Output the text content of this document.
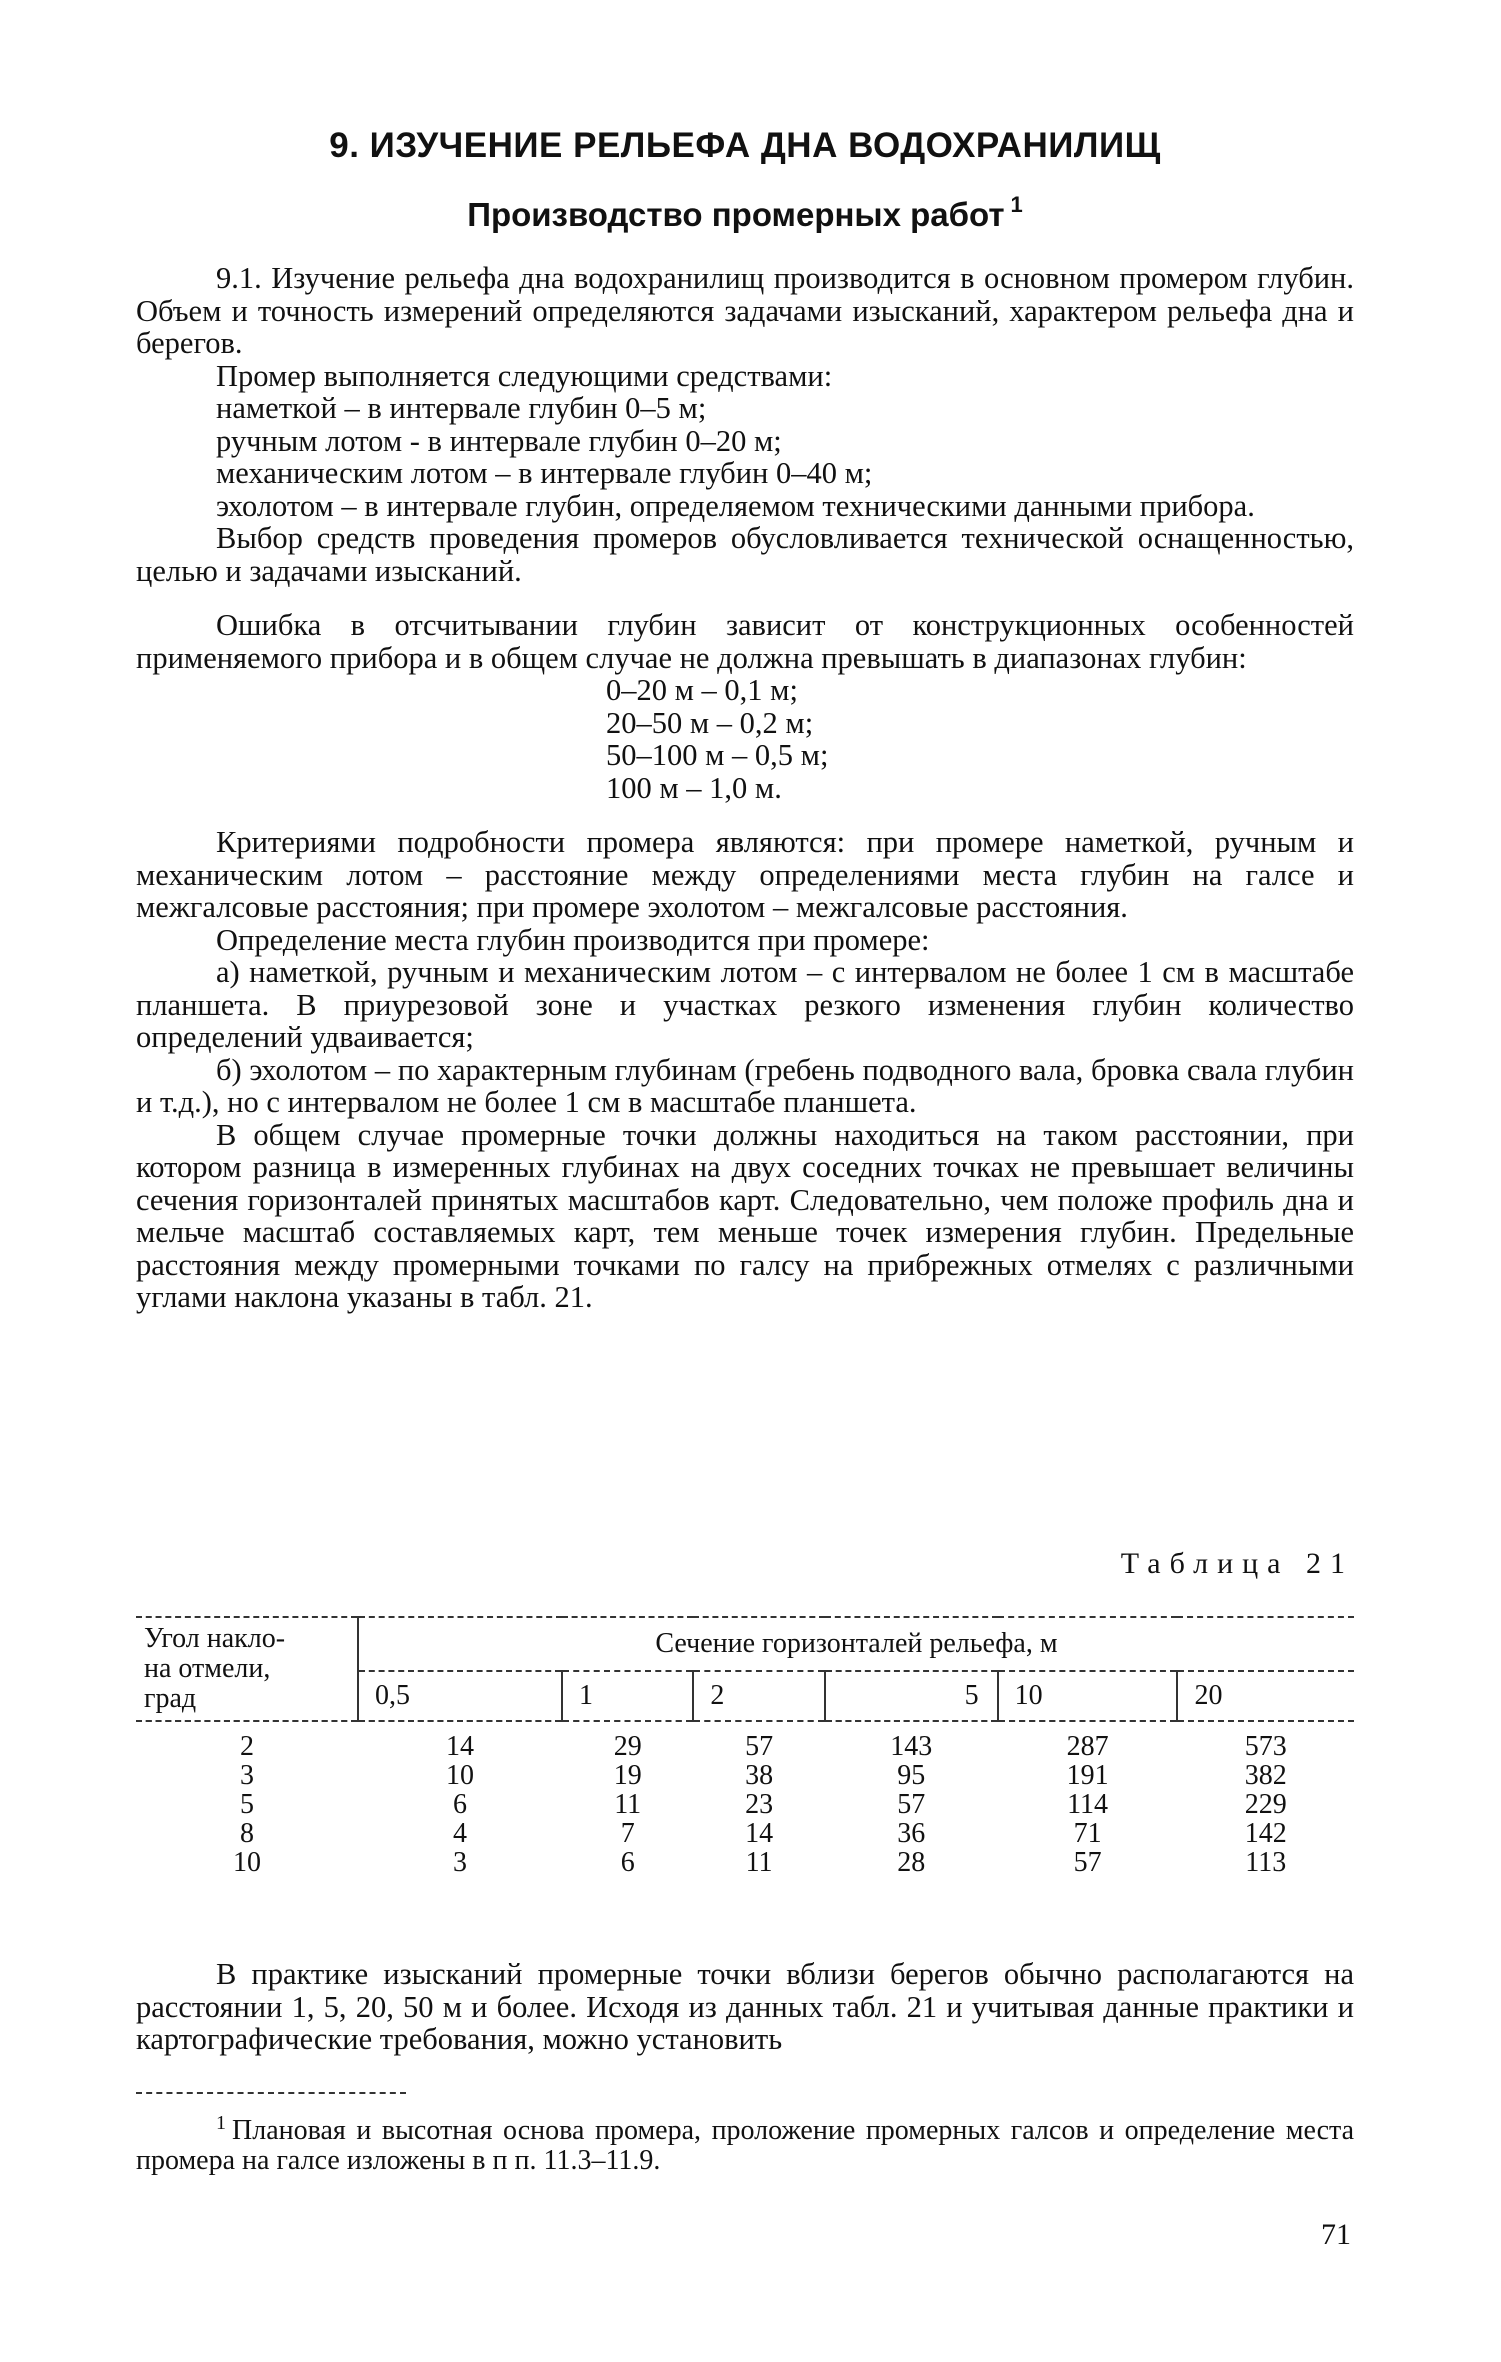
9. ИЗУЧЕНИЕ РЕЛЬЕФА ДНА ВОДОХРАНИЛИЩ
Производство промерных работ $^1$

9.1. Изучение рельефа дна водохранилищ производится в основном промером глубин. Объем и точность измерений определяются задачами изысканий, характером рельефа дна и берегов.

Промер выполняется следующими средствами:

наметкой – в интервале глубин 0–5 м;

ручным лотом - в интервале глубин 0–20 м;

механическим лотом – в интервале глубин 0–40 м;

эхолотом – в интервале глубин, определяемом техническими данными прибора.

Выбор средств проведения промеров обусловливается технической оснащенностью, целью и задачами изысканий.

Ошибка в отсчитывании глубин зависит от конструкционных особенностей применяемого прибора и в общем случае не должна превышать в диапазонах глубин:

0–20 м – 0,1 м;
20–50 м – 0,2 м;
50–100 м – 0,5 м;
100 м – 1,0 м.

Критериями подробности промера являются: при промере наметкой, ручным и механическим лотом – расстояние между определениями места глубин на галсе и межгалсовые расстояния; при промере эхолотом – межгалсовые расстояния.

Определение места глубин производится при промере:

а) наметкой, ручным и механическим лотом – с интервалом не более 1 см в масштабе планшета. В приурезовой зоне и участках резкого изменения глубин количество определений удваивается;

б) эхолотом – по характерным глубинам (гребень подводного вала, бровка свала глубин и т.д.), но с интервалом не более 1 см в масштабе планшета.

В общем случае промерные точки должны находиться на таком расстоянии, при котором разница в измеренных глубинах на двух соседних точках не превышает величины сечения горизонталей принятых масштабов карт. Следовательно, чем положе профиль дна и мельче масштаб составляемых карт, тем меньше точек измерения глубин. Предельные расстояния между промерными точками по галсу на прибрежных отмелях с различными углами наклона указаны в табл. 21.

Таблица 21
Угол накло-
на отмели,
град	Сечение горизонталей рельефа, м					
	0,5	1	2	5	10	20
2	14	29	57	143	287	573
3	10	19	38	95	191	382
5	6	11	23	57	114	229
8	4	7	14	36	71	142
10	3	6	11	28	57	113

В практике изысканий промерные точки вблизи берегов обычно располагаются на расстоянии 1, 5, 20, 50 м и более. Исходя из данных табл. 21 и учитывая данные практики и картографические требования, можно установить

$^1$ Плановая и высотная основа промера, проложение промерных галсов и определение места промера на галсе изложены в п п. 11.3–11.9.

71
